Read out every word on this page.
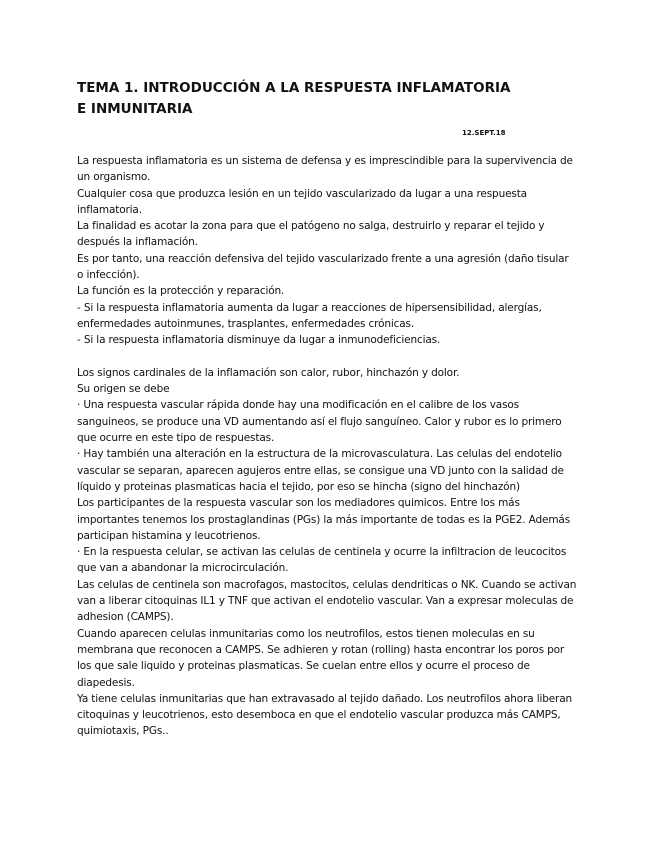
TEMA 1. INTRODUCCIÓN A LA RESPUESTA INFLAMATORIA E INMUNITARIA
12.SEPT.18

La respuesta inflamatoria es un sistema de defensa y es imprescindible para la supervivencia de un organismo.

Cualquier cosa que produzca lesión en un tejido vascularizado da lugar a una respuesta inflamatoria.

La finalidad es acotar la zona para que el patógeno no salga, destruirlo y reparar el tejido y después la inflamación.

Es por tanto, una reacción defensiva del tejido vascularizado frente a una agresión (daño tisular o infección).

La función es la protección y reparación.

- Si la respuesta inflamatoria aumenta da lugar a reacciones de hipersensibilidad, alergías, enfermedades autoinmunes, trasplantes, enfermedades crónicas.

- Si la respuesta inflamatoria disminuye da lugar a inmunodeficiencias.

Los signos cardinales de la inflamación son calor, rubor, hinchazón y dolor.

Su origen se debe

· Una respuesta vascular rápida donde hay una modificación en el calibre de los vasos sanguineos, se produce una VD aumentando así el flujo sanguíneo. Calor y rubor es lo primero que ocurre en este tipo de respuestas.

· Hay también una alteración en la estructura de la microvasculatura. Las celulas del endotelio vascular se separan, aparecen agujeros entre ellas, se consigue una VD junto con la salidad de líquido y proteinas plasmaticas hacia el tejido, por eso se hincha (signo del hinchazón)

Los participantes de la respuesta vascular son los mediadores quimicos. Entre los más importantes tenemos los prostaglandinas (PGs) la más importante de todas es la PGE2. Además participan histamina y leucotrienos.

· En la respuesta celular, se activan las celulas de centinela y ocurre la infiltracion de leucocitos que van a abandonar la microcirculación.

Las celulas de centinela son macrofagos, mastocitos, celulas dendriticas o NK. Cuando se activan van a liberar citoquinas IL1 y TNF que activan el endotelio vascular. Van a expresar moleculas de adhesion (CAMPS).

Cuando aparecen celulas inmunitarias como los neutrofilos, estos tienen moleculas en su membrana que reconocen a CAMPS. Se adhieren y rotan (rolling) hasta encontrar los poros por los que sale liquido y proteinas plasmaticas. Se cuelan entre ellos y ocurre el proceso de diapedesis.

Ya tiene celulas inmunitarias que han extravasado al tejido dañado. Los neutrofilos ahora liberan citoquinas y leucotrienos, esto desemboca en que el endotelio vascular produzca más CAMPS, quimiotaxis, PGs..
